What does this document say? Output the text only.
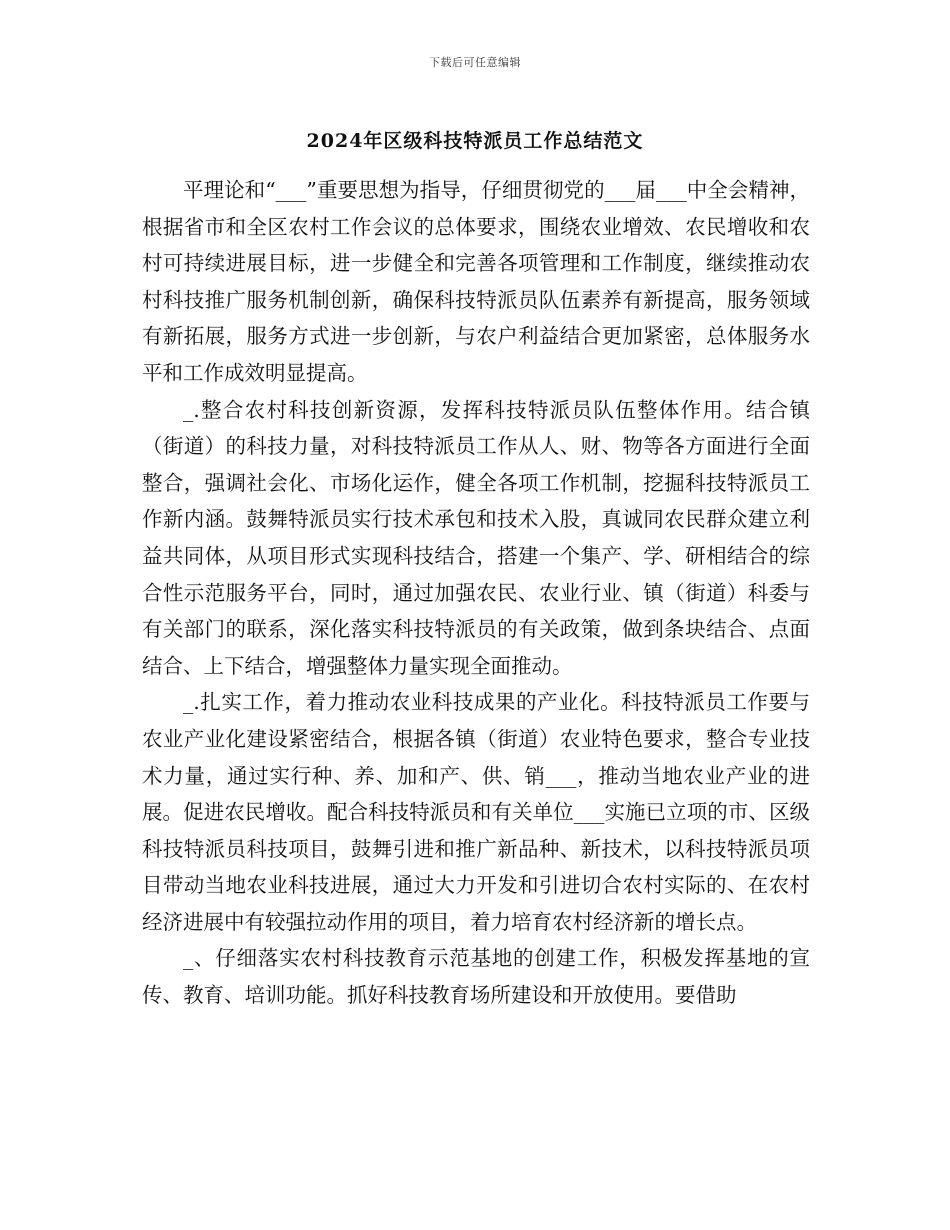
下载后可任意编辑
2024年区级科技特派员工作总结范文

平理论和“___”重要思想为指导，仔细贯彻党的___届___中全会精神，根据省市和全区农村工作会议的总体要求，围绕农业增效、农民增收和农村可持续进展目标，进一步健全和完善各项管理和工作制度，继续推动农村科技推广服务机制创新，确保科技特派员队伍素养有新提高，服务领域有新拓展，服务方式进一步创新，与农户利益结合更加紧密，总体服务水平和工作成效明显提高。

_.整合农村科技创新资源，发挥科技特派员队伍整体作用。结合镇（街道）的科技力量，对科技特派员工作从人、财、物等各方面进行全面整合，强调社会化、市场化运作，健全各项工作机制，挖掘科技特派员工作新内涵。鼓舞特派员实行技术承包和技术入股，真诚同农民群众建立利益共同体，从项目形式实现科技结合，搭建一个集产、学、研相结合的综合性示范服务平台，同时，通过加强农民、农业行业、镇（街道）科委与有关部门的联系，深化落实科技特派员的有关政策，做到条块结合、点面结合、上下结合，增强整体力量实现全面推动。

_.扎实工作，着力推动农业科技成果的产业化。科技特派员工作要与农业产业化建设紧密结合，根据各镇（街道）农业特色要求，整合专业技术力量，通过实行种、养、加和产、供、销___，推动当地农业产业的进展。促进农民增收。配合科技特派员和有关单位___实施已立项的市、区级科技特派员科技项目，鼓舞引进和推广新品种、新技术，以科技特派员项目带动当地农业科技进展，通过大力开发和引进切合农村实际的、在农村经济进展中有较强拉动作用的项目，着力培育农村经济新的增长点。

_、仔细落实农村科技教育示范基地的创建工作，积极发挥基地的宣传、教育、培训功能。抓好科技教育场所建设和开放使用。要借助
